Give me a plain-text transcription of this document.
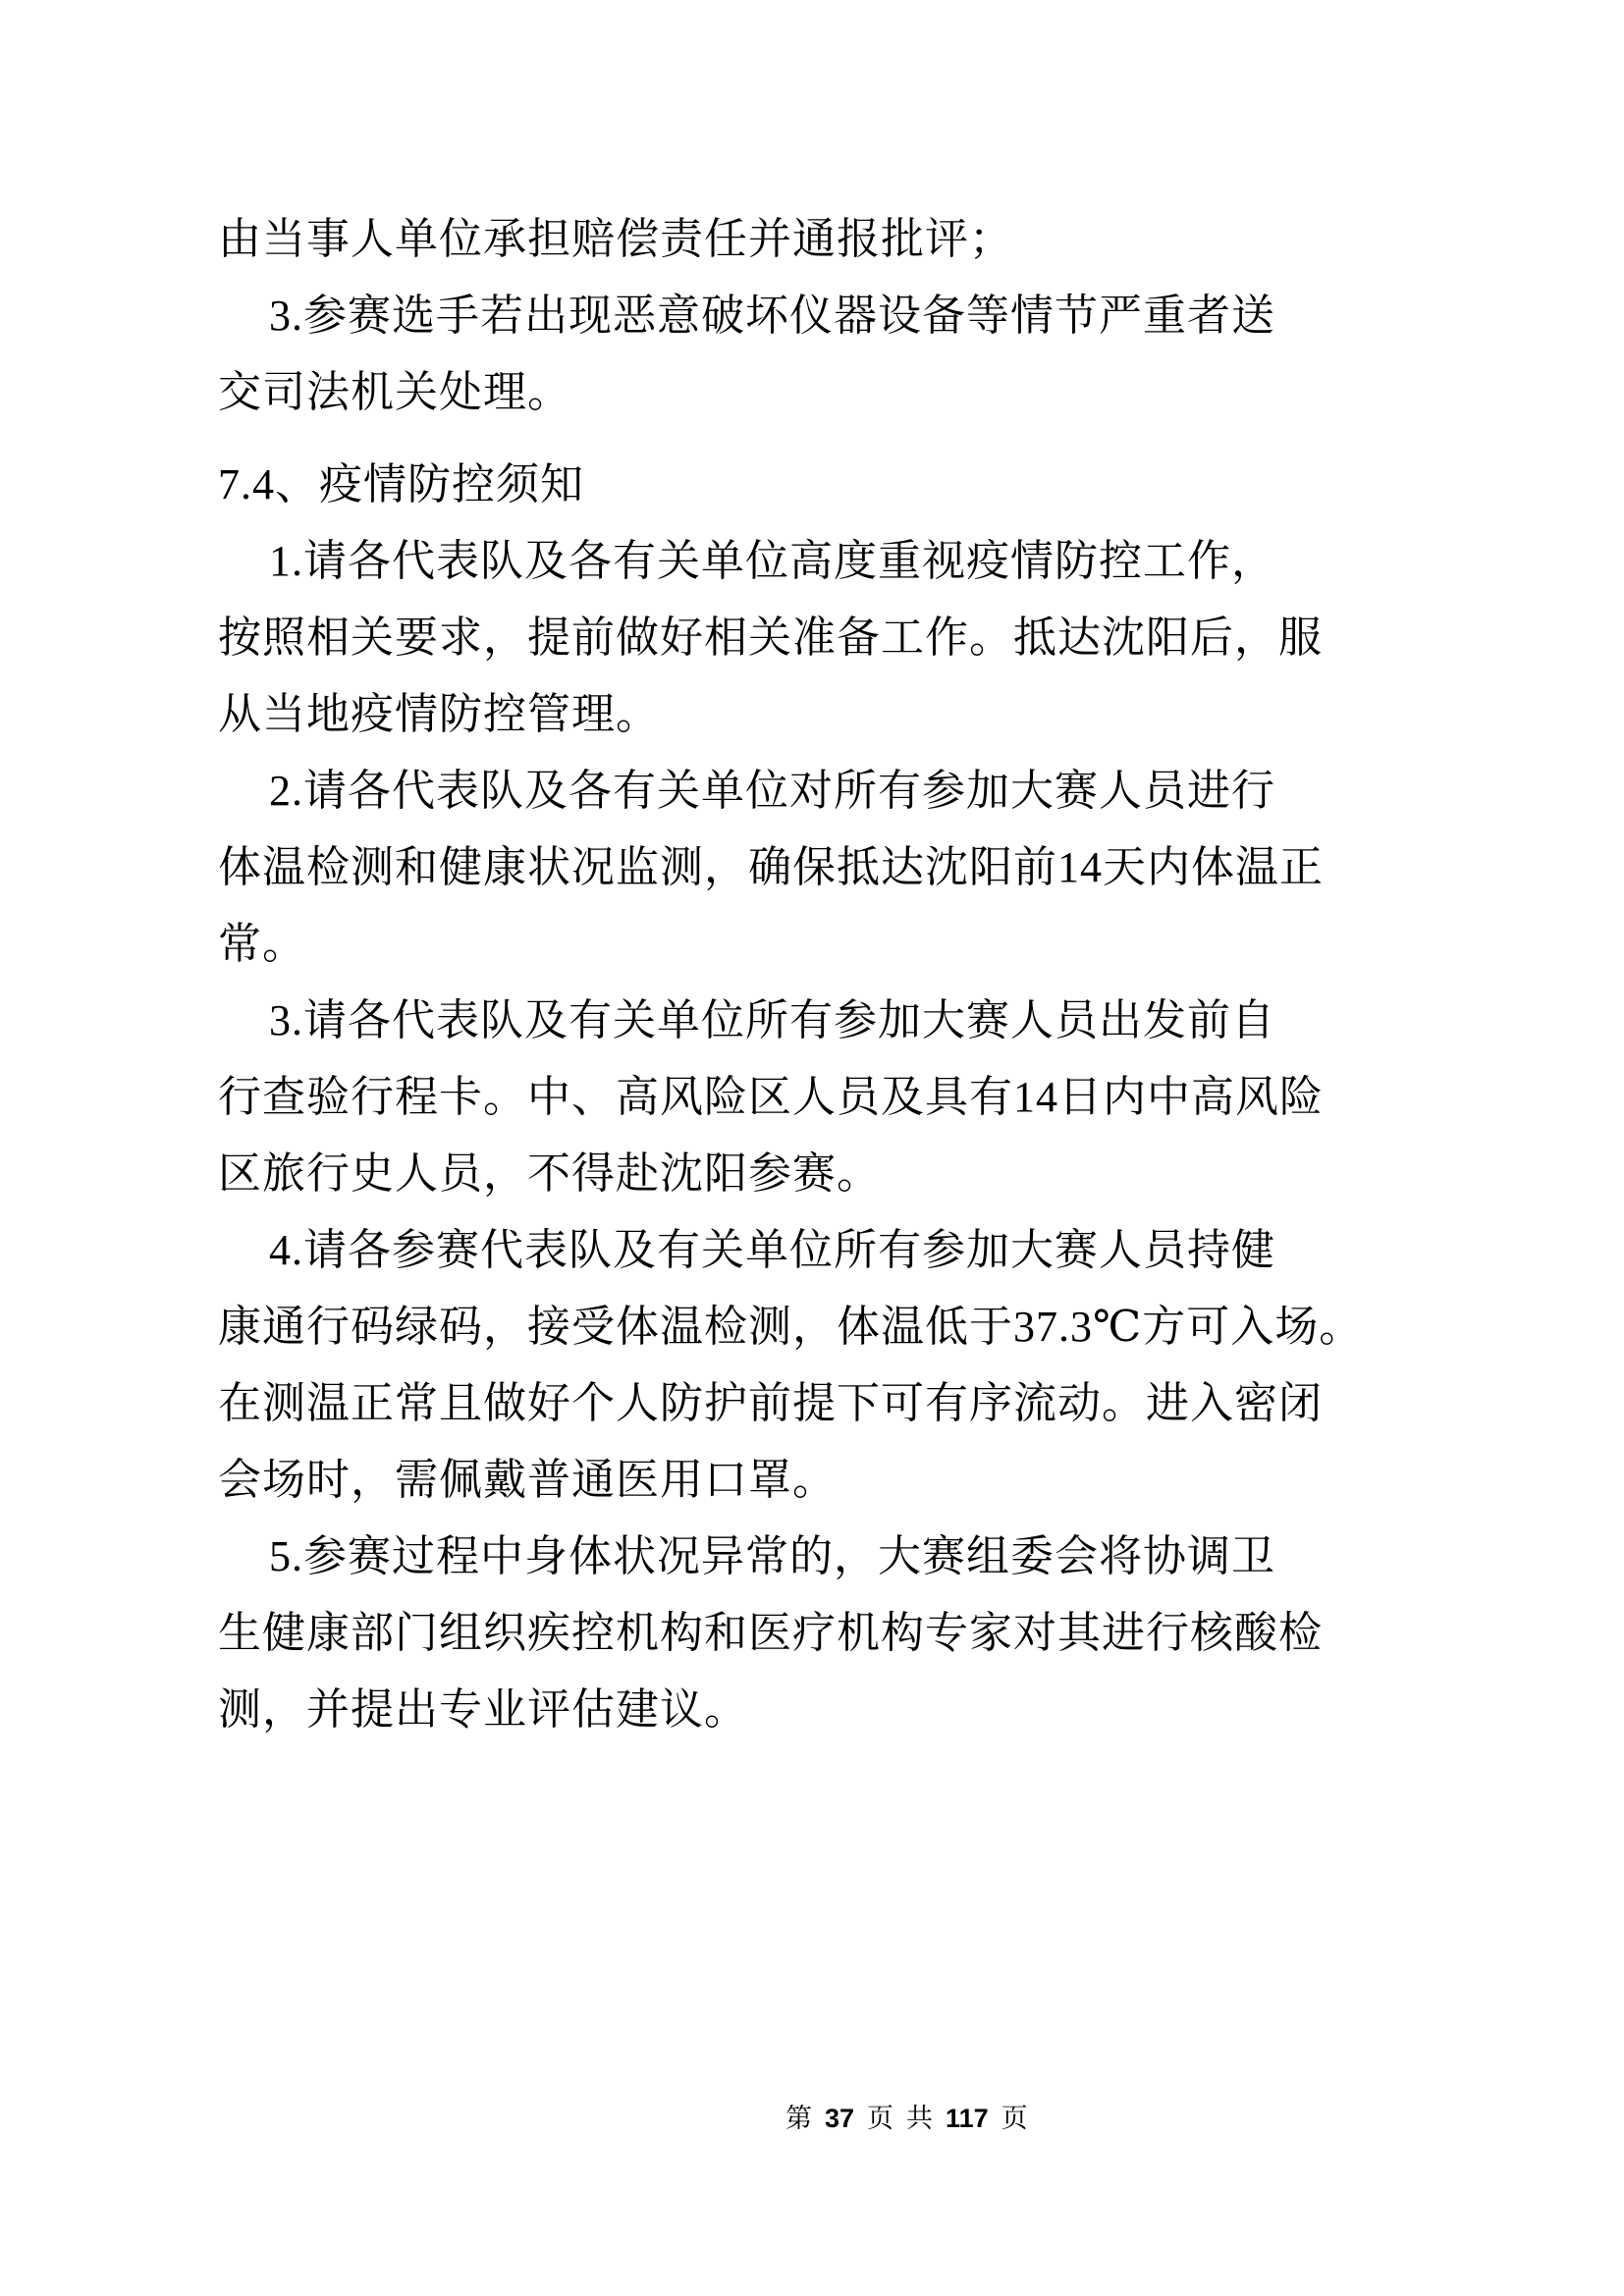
由当事人单位承担赔偿责任并通报批评；
3.参赛选手若出现恶意破坏仪器设备等情节严重者送
交司法机关处理。
7.4、疫情防控须知
1.请各代表队及各有关单位高度重视疫情防控工作，
按照相关要求，提前做好相关准备工作。抵达沈阳后，服
从当地疫情防控管理。
2.请各代表队及各有关单位对所有参加大赛人员进行
体温检测和健康状况监测，确保抵达沈阳前14天内体温正
常。
3.请各代表队及有关单位所有参加大赛人员出发前自
行查验行程卡。中、高风险区人员及具有14日内中高风险
区旅行史人员，不得赴沈阳参赛。
4.请各参赛代表队及有关单位所有参加大赛人员持健
康通行码绿码，接受体温检测，体温低于37.3℃方可入场。
在测温正常且做好个人防护前提下可有序流动。进入密闭
会场时，需佩戴普通医用口罩。
5.参赛过程中身体状况异常的，大赛组委会将协调卫
生健康部门组织疾控机构和医疗机构专家对其进行核酸检
测，并提出专业评估建议。
第 37 页 共 117 页
